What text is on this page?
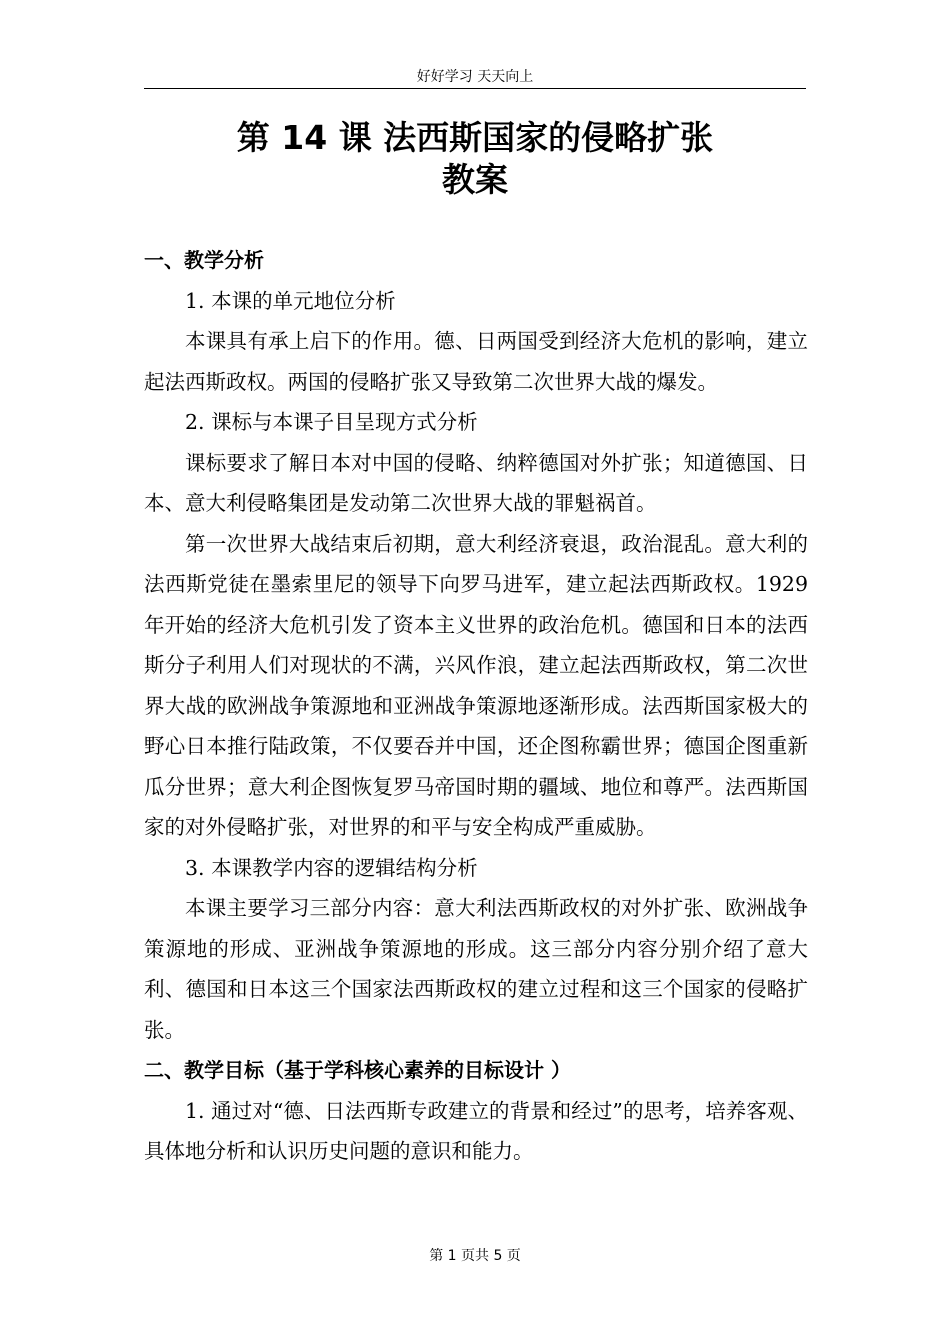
好好学习 天天向上
第 14 课 法西斯国家的侵略扩张
教案

一、教学分析

1. 本课的单元地位分析

本课具有承上启下的作用。德、日两国受到经济大危机的影响，建立起法西斯政权。两国的侵略扩张又导致第二次世界大战的爆发。

2. 课标与本课子目呈现方式分析

课标要求了解日本对中国的侵略、纳粹德国对外扩张；知道德国、日本、意大利侵略集团是发动第二次世界大战的罪魁祸首。

第一次世界大战结束后初期，意大利经济衰退，政治混乱。意大利的法西斯党徒在墨索里尼的领导下向罗马进军，建立起法西斯政权。1929 年开始的经济大危机引发了资本主义世界的政治危机。德国和日本的法西斯分子利用人们对现状的不满，兴风作浪，建立起法西斯政权，第二次世界大战的欧洲战争策源地和亚洲战争策源地逐渐形成。法西斯国家极大的野心日本推行陆政策，不仅要吞并中国，还企图称霸世界；德国企图重新瓜分世界；意大利企图恢复罗马帝国时期的疆域、地位和尊严。法西斯国家的对外侵略扩张，对世界的和平与安全构成严重威胁。

3. 本课教学内容的逻辑结构分析

本课主要学习三部分内容：意大利法西斯政权的对外扩张、欧洲战争策源地的形成、亚洲战争策源地的形成。这三部分内容分别介绍了意大利、德国和日本这三个国家法西斯政权的建立过程和这三个国家的侵略扩张。

二、教学目标（基于学科核心素养的目标设计 ）

1. 通过对“德、日法西斯专政建立的背景和经过”的思考，培养客观、具体地分析和认识历史问题的意识和能力。

第 1 页共 5 页
